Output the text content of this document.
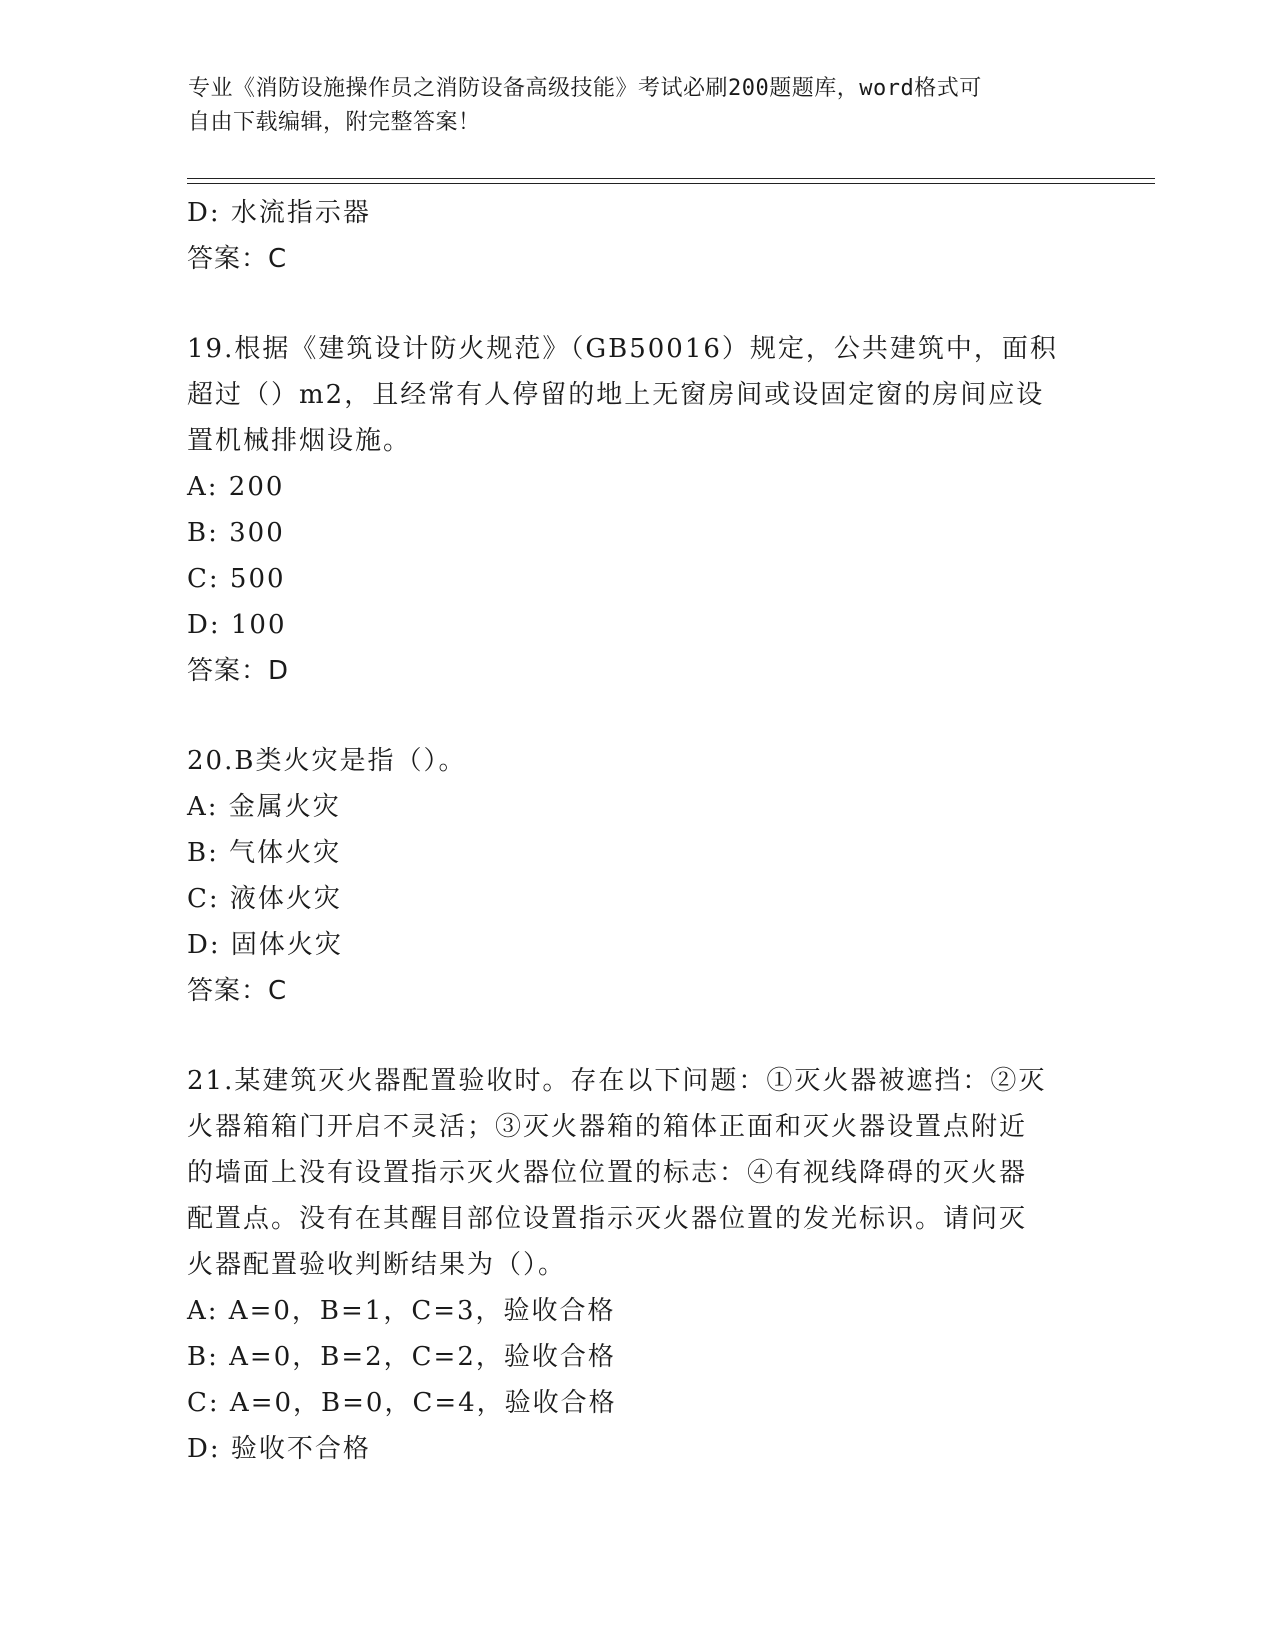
专业《消防设施操作员之消防设备高级技能》考试必刷200题题库，word格式可
自由下载编辑，附完整答案！
D: 水流指示器
答案：C
19.根据《建筑设计防火规范》（GB50016）规定，公共建筑中，面积
超过（）m2，且经常有人停留的地上无窗房间或设固定窗的房间应设
置机械排烟设施。
A: 200
B: 300
C: 500
D: 100
答案：D
20.B类火灾是指（）。
A: 金属火灾
B: 气体火灾
C: 液体火灾
D: 固体火灾
答案：C
21.某建筑灭火器配置验收时。存在以下问题：①灭火器被遮挡：②灭
火器箱箱门开启不灵活；③灭火器箱的箱体正面和灭火器设置点附近
的墙面上没有设置指示灭火器位位置的标志：④有视线降碍的灭火器
配置点。没有在其醒目部位设置指示灭火器位置的发光标识。请问灭
火器配置验收判断结果为（）。
A: A=0，B=1，C=3，验收合格
B: A=0，B=2，C=2，验收合格
C: A=0，B=0，C=4，验收合格
D: 验收不合格
